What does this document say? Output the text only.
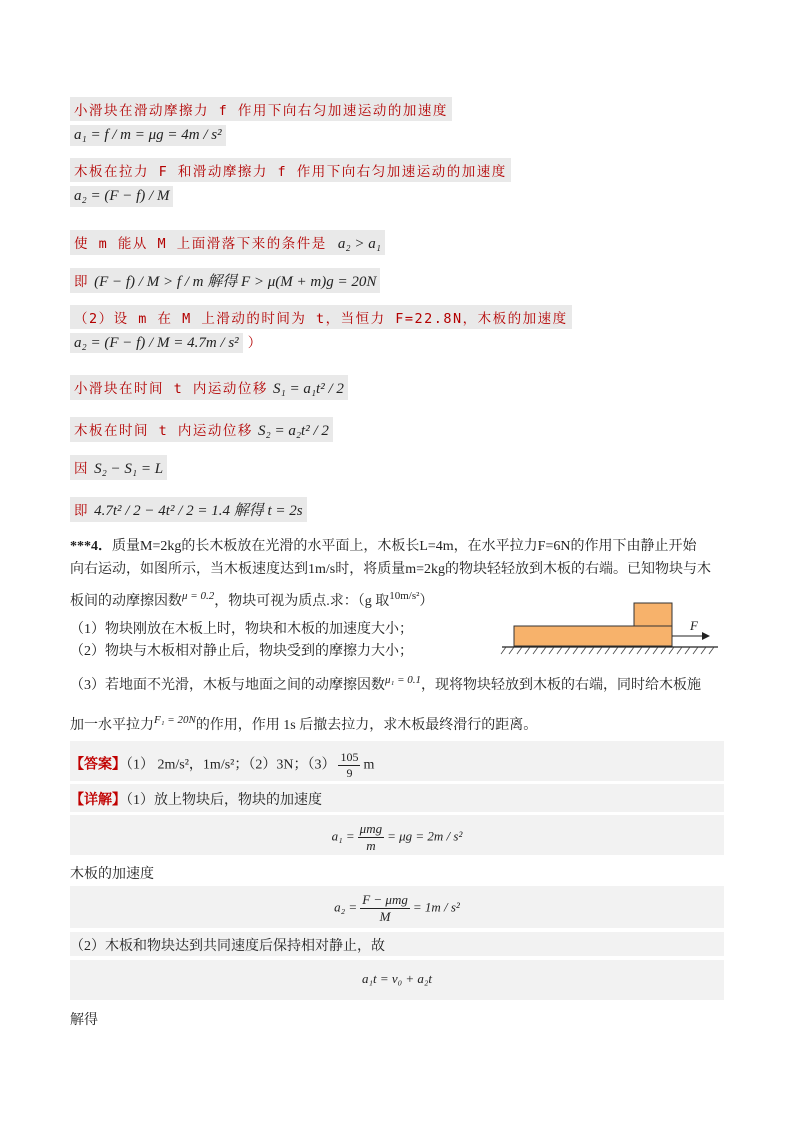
小滑块在滑动摩擦力 f 作用下向右匀加速运动的加速度
a₁ = f / m = μg = 4m / s²
木板在拉力 F 和滑动摩擦力 f 作用下向右匀加速运动的加速度
a₂ = (F − f) / M
使 m 能从 M 上面滑落下来的条件是 a₂ > a₁
即 (F − f) / M > f / m 解得 F > μ(M + m)g = 20N
（2）设 m 在 M 上滑动的时间为 t，当恒力 F=22.8N，木板的加速度
a₂ = (F − f) / M = 4.7m / s² ）
小滑块在时间 t 内运动位移 S₁ = a₁t² / 2
木板在时间 t 内运动位移 S₂ = a₂t² / 2
因 S₂ − S₁ = L
即 4.7t² / 2 − 4t² / 2 = 1.4 解得 t = 2s
***4．质量M=2kg的长木板放在光滑的水平面上，木板长L=4m，在水平拉力F=6N的作用下由静止开始
向右运动，如图所示，当木板速度达到1m/s时，将质量m=2kg的物块轻轻放到木板的右端。已知物块与木
板间的动摩擦因数$^{\mu = 0.2}$，物块可视为质点.求：（g 取$^{10m/s^2}$）
（1）物块刚放在木板上时，物块和木板的加速度大小；
（2）物块与木板相对静止后，物块受到的摩擦力大小；
F
（3）若地面不光滑，木板与地面之间的动摩擦因数$^{\mu_1 = 0.1}$，现将物块轻放到木板的右端，同时给木板施
加一水平拉力$^{F_1 = 20N}$的作用，作用 1s 后撤去拉力，求木板最终滑行的距离。
【答案】（1） 2m/s²，1m/s²；（2）3N；$(3) \frac{105}{9}$ m
【详解】（1）放上物块后，物块的加速度
$a_1 = \frac{\text{μmg}}{m} = \mu g = 2m / s^2$
木板的加速度
$a_2 = \frac{\text{F − μmg}}{M} = 1m / s^2$
（2）木板和物块达到共同速度后保持相对静止，故
a₁t = v₀ + a₂t
解得
